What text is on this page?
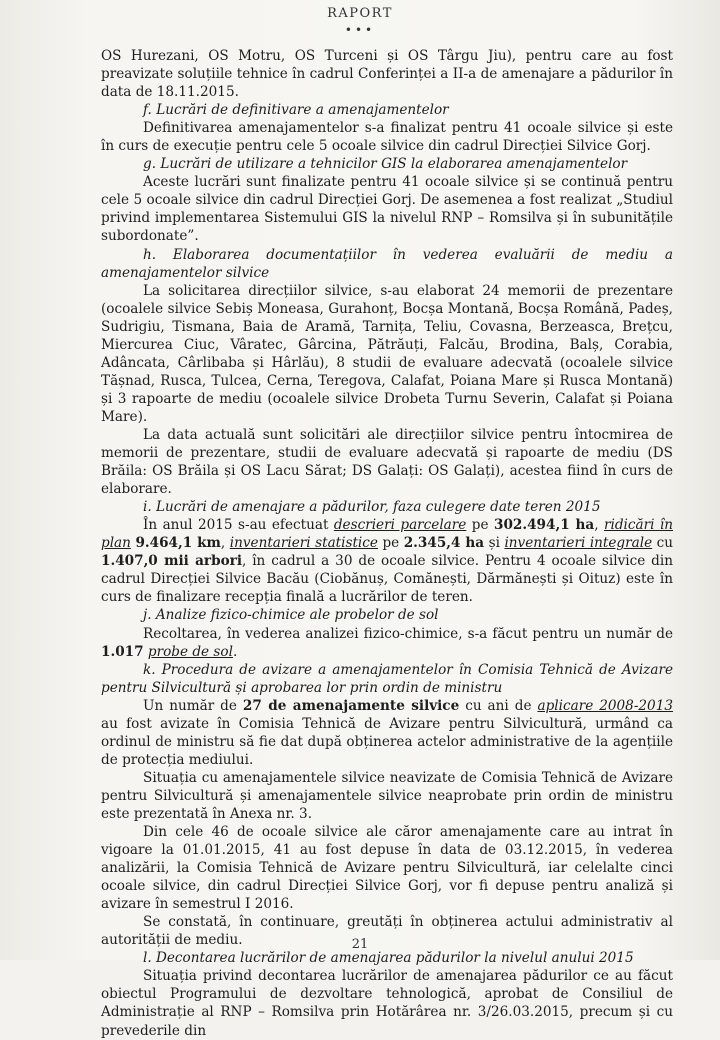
RAPORT
•••

OS Hurezani, OS Motru, OS Turceni și OS Târgu Jiu), pentru care au fost preavizate soluțiile tehnice în cadrul Conferinței a II-a de amenajare a pădurilor în data de 18.11.2015.

f. Lucrări de definitivare a amenajamentelor

Definitivarea amenajamentelor s-a finalizat pentru 41 ocoale silvice și este în curs de execuție pentru cele 5 ocoale silvice din cadrul Direcției Silvice Gorj.

g. Lucrări de utilizare a tehnicilor GIS la elaborarea amenajamentelor

Aceste lucrări sunt finalizate pentru 41 ocoale silvice și se continuă pentru cele 5 ocoale silvice din cadrul Direcției Gorj. De asemenea a fost realizat „Studiul privind implementarea Sistemului GIS la nivelul RNP – Romsilva și în subunitățile subordonate”.

h. Elaborarea documentațiilor în vederea evaluării de mediu a amenajamentelor silvice

La solicitarea direcțiilor silvice, s-au elaborat 24 memorii de prezentare (ocoalele silvice Sebiș Moneasa, Gurahonț, Bocșa Montană, Bocșa Română, Padeș, Sudrigiu, Tismana, Baia de Aramă, Tarnița, Teliu, Covasna, Berzeasca, Brețcu, Miercurea Ciuc, Vâratec, Gârcina, Pătrăuți, Falcău, Brodina, Balș, Corabia, Adâncata, Cârlibaba și Hârlău), 8 studii de evaluare adecvată (ocoalele silvice Tășnad, Rusca, Tulcea, Cerna, Teregova, Calafat, Poiana Mare și Rusca Montană) și 3 rapoarte de mediu (ocoalele silvice Drobeta Turnu Severin, Calafat și Poiana Mare).

La data actuală sunt solicitări ale direcțiilor silvice pentru întocmirea de memorii de prezentare, studii de evaluare adecvată și rapoarte de mediu (DS Brăila: OS Brăila și OS Lacu Sărat; DS Galați: OS Galați), acestea fiind în curs de elaborare.

i. Lucrări de amenajare a pădurilor, faza culegere date teren 2015

În anul 2015 s-au efectuat descrieri parcelare pe 302.494,1 ha, ridicări în plan 9.464,1 km, inventarieri statistice pe 2.345,4 ha și inventarieri integrale cu 1.407,0 mii arbori, în cadrul a 30 de ocoale silvice. Pentru 4 ocoale silvice din cadrul Direcției Silvice Bacău (Ciobănuș, Comănești, Dărmănești și Oituz) este în curs de finalizare recepția finală a lucrărilor de teren.

j. Analize fizico-chimice ale probelor de sol

Recoltarea, în vederea analizei fizico-chimice, s-a făcut pentru un număr de 1.017 probe de sol.

k. Procedura de avizare a amenajamentelor în Comisia Tehnică de Avizare pentru Silvicultură și aprobarea lor prin ordin de ministru

Un număr de 27 de amenajamente silvice cu ani de aplicare 2008-2013 au fost avizate în Comisia Tehnică de Avizare pentru Silvicultură, urmând ca ordinul de ministru să fie dat după obținerea actelor administrative de la agențiile de protecția mediului.

Situația cu amenajamentele silvice neavizate de Comisia Tehnică de Avizare pentru Silvicultură și amenajamentele silvice neaprobate prin ordin de ministru este prezentată în Anexa nr. 3.

Din cele 46 de ocoale silvice ale căror amenajamente care au intrat în vigoare la 01.01.2015, 41 au fost depuse în data de 03.12.2015, în vederea analizării, la Comisia Tehnică de Avizare pentru Silvicultură, iar celelalte cinci ocoale silvice, din cadrul Direcției Silvice Gorj, vor fi depuse pentru analiză și avizare în semestrul I 2016.

Se constată, în continuare, greutăți în obținerea actului administrativ al autorității de mediu.

l. Decontarea lucrărilor de amenajarea pădurilor la nivelul anului 2015

Situația privind decontarea lucrărilor de amenajarea pădurilor ce au făcut obiectul Programului de dezvoltare tehnologică, aprobat de Consiliul de Administrație al RNP – Romsilva prin Hotărârea nr. 3/26.03.2015, precum și cu prevederile din

21
